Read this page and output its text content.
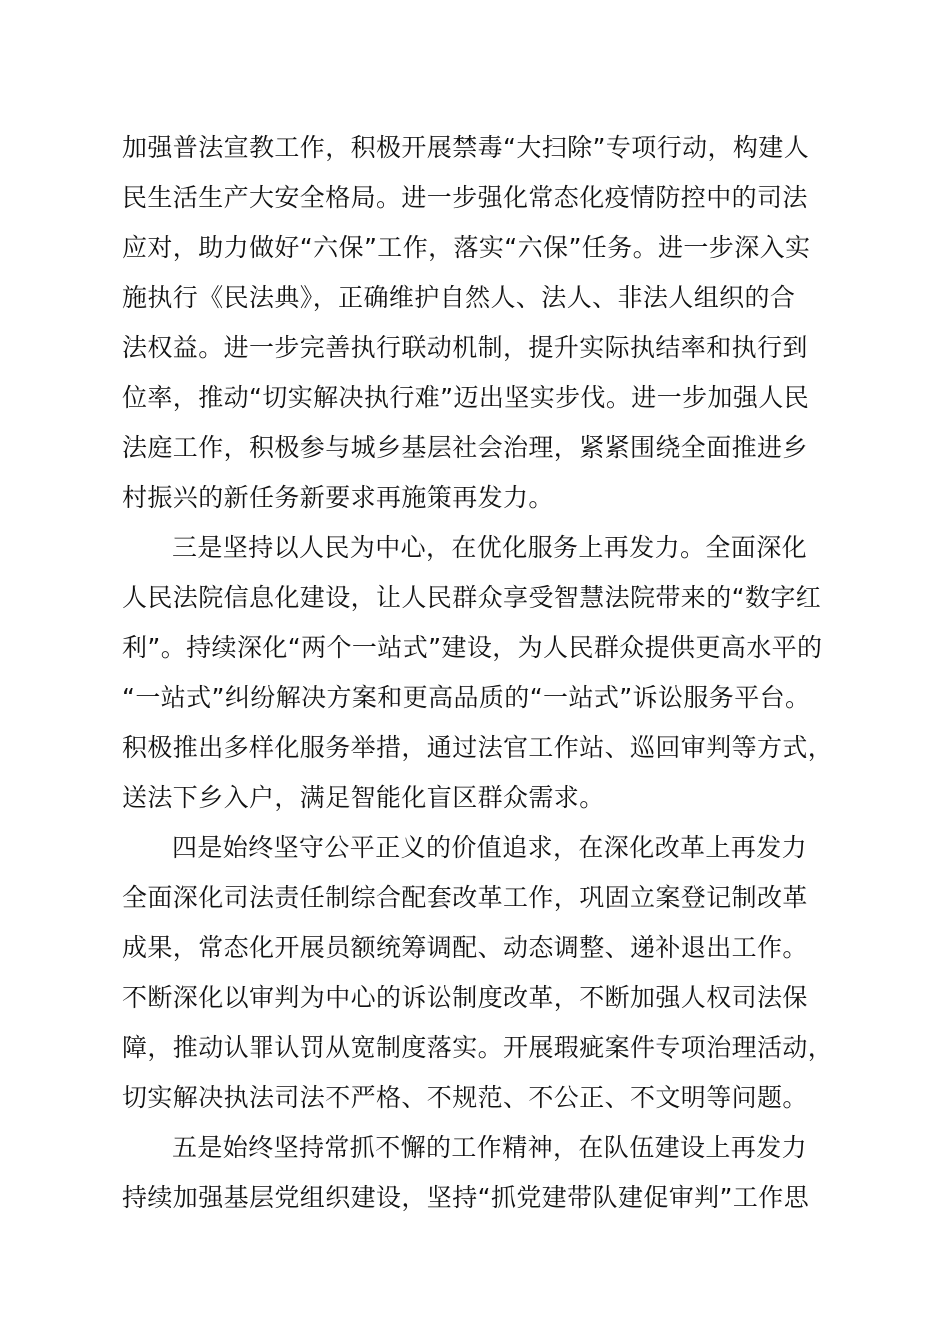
加强普法宣教工作，积极开展禁毒“大扫除”专项行动，构建人
民生活生产大安全格局。进一步强化常态化疫情防控中的司法
应对，助力做好“六保”工作，落实“六保”任务。进一步深入实
施执行《民法典》，正确维护自然人、法人、非法人组织的合
法权益。进一步完善执行联动机制，提升实际执结率和执行到
位率，推动“切实解决执行难”迈出坚实步伐。进一步加强人民
法庭工作，积极参与城乡基层社会治理，紧紧围绕全面推进乡
村振兴的新任务新要求再施策再发力。
三是坚持以人民为中心，在优化服务上再发力。全面深化
人民法院信息化建设，让人民群众享受智慧法院带来的“数字红
利”。持续深化“两个一站式”建设，为人民群众提供更高水平的
“一站式”纠纷解决方案和更高品质的“一站式”诉讼服务平台。
积极推出多样化服务举措，通过法官工作站、巡回审判等方式，
送法下乡入户，满足智能化盲区群众需求。
四是始终坚守公平正义的价值追求，在深化改革上再发力
全面深化司法责任制综合配套改革工作，巩固立案登记制改革
成果，常态化开展员额统筹调配、动态调整、递补退出工作。
不断深化以审判为中心的诉讼制度改革，不断加强人权司法保
障，推动认罪认罚从宽制度落实。开展瑕疵案件专项治理活动，
切实解决执法司法不严格、不规范、不公正、不文明等问题。
五是始终坚持常抓不懈的工作精神，在队伍建设上再发力
持续加强基层党组织建设，坚持“抓党建带队建促审判”工作思
